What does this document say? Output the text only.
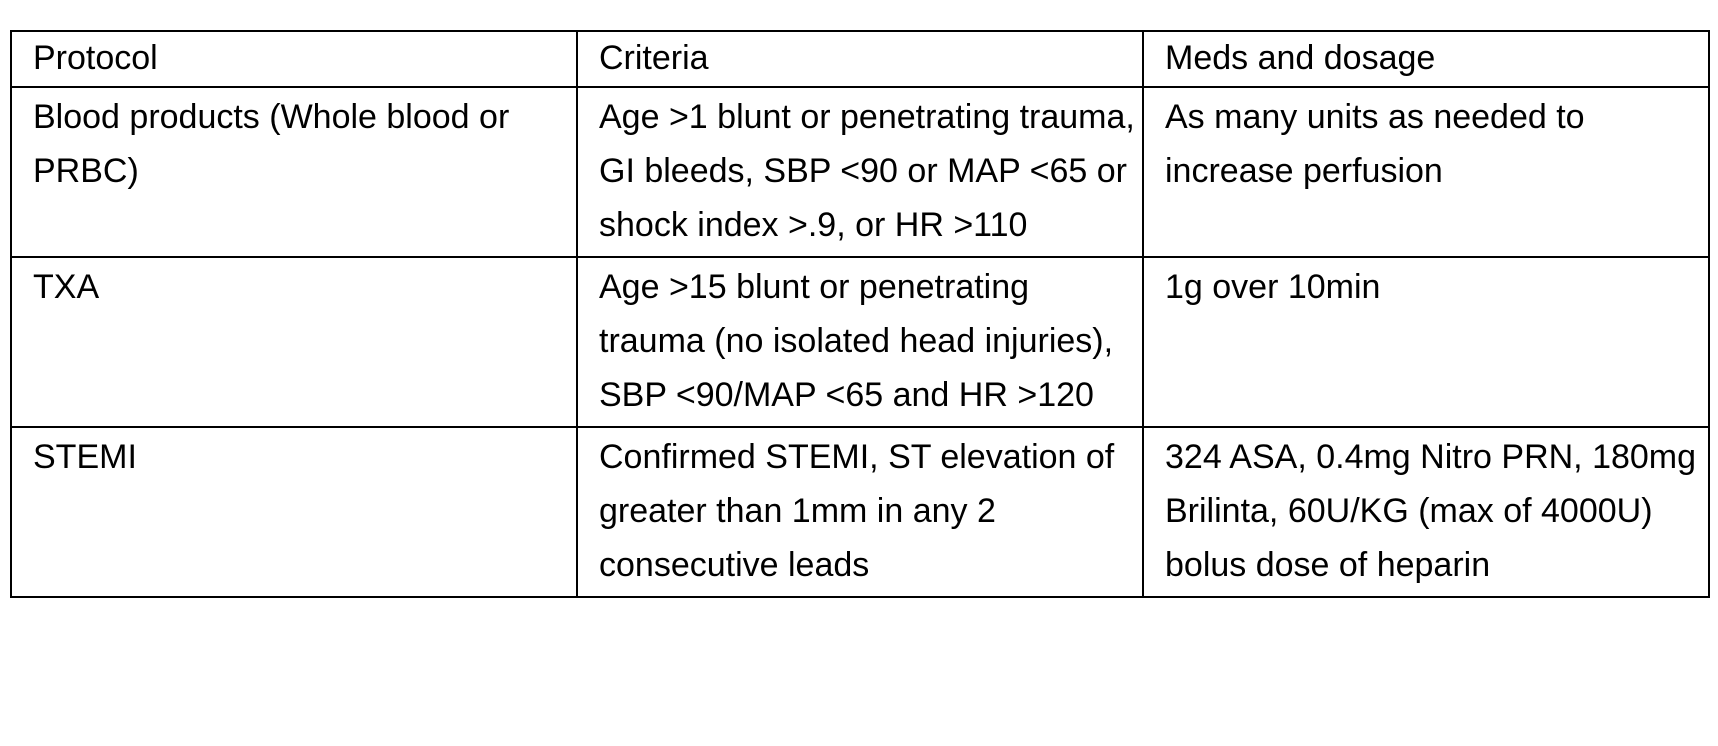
Protocol	Criteria	Meds and dosage
Blood products (Whole blood or PRBC)	Age >1 blunt or penetrating trauma, GI bleeds, SBP <90 or MAP <65 or shock index >.9, or HR >110	As many units as needed to increase perfusion
TXA	Age >15 blunt or penetrating trauma (no isolated head injuries), SBP <90/MAP <65 and HR >120	1g over 10min
STEMI	Confirmed STEMI, ST elevation of greater than 1mm in any 2 consecutive leads	324 ASA, 0.4mg Nitro PRN, 180mg Brilinta, 60U/KG (max of 4000U) bolus dose of heparin
